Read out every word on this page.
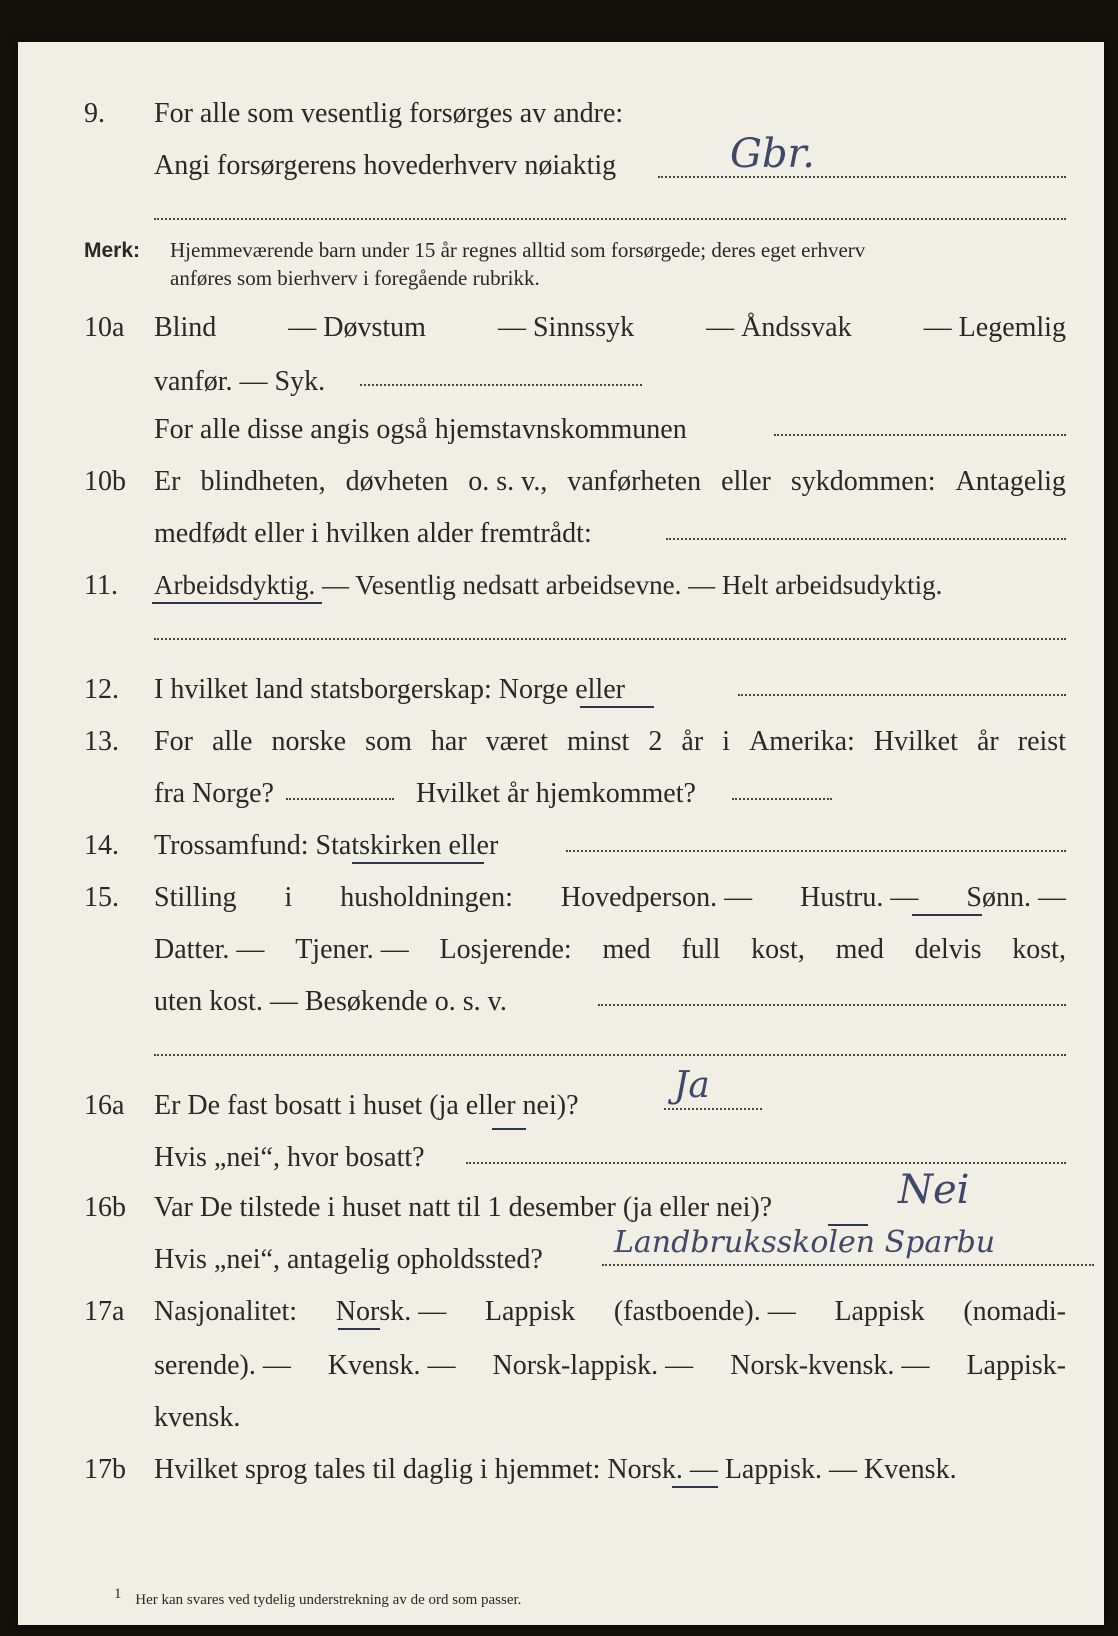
9. For alle som vesentlig forsørges av andre:
Angi forsørgerens hovederhverv nøiaktig	Gbr.
Merk: Hjemmeværende barn under 15 år regnes alltid som forsørgede; deres eget erhverv
anføres som bierhverv i foregående rubrikk.
10a Blind	— Døvstum	— Sinnssyk	— Åndssvak	— Legemlig
vanfør. — Syk.
For alle disse angis også hjemstavnskommunen
10b Er blindheten, døvheten o. s. v., vanførheten eller sykdommen: Antagelig
medfødt eller i hvilken alder fremtrådt:
11. Arbeidsdyktig. — Vesentlig nedsatt arbeidsevne. — Helt arbeidsudyktig.
12. I hvilket land statsborgerskap: Norge eller
13. For alle norske som har været minst 2 år i Amerika: Hvilket år reist
fra Norge?	Hvilket år hjemkommet?
14. Trossamfund: Statskirken eller
15. Stilling i husholdningen: Hovedperson. — Hustru. — Sønn. —
Datter. — Tjener. — Losjerende: med full kost, med delvis kost,
uten kost. — Besøkende o. s. v.
16a Er De fast bosatt i huset (ja eller nei)?	Ja
Hvis „nei“, hvor bosatt?
16b Var De tilstede i huset natt til 1 desember (ja eller nei)?	Nei
Hvis „nei“, antagelig opholdssted? Landbruksskolen Sparbu
17a Nasjonalitet: Norsk. — Lappisk (fastboende). — Lappisk (nomadi-
serende). — Kvensk. — Norsk-lappisk. — Norsk-kvensk. — Lappisk-
kvensk.
17b Hvilket sprog tales til daglig i hjemmet: Norsk. — Lappisk. — Kvensk.
1 Her kan svares ved tydelig understrekning av de ord som passer.
